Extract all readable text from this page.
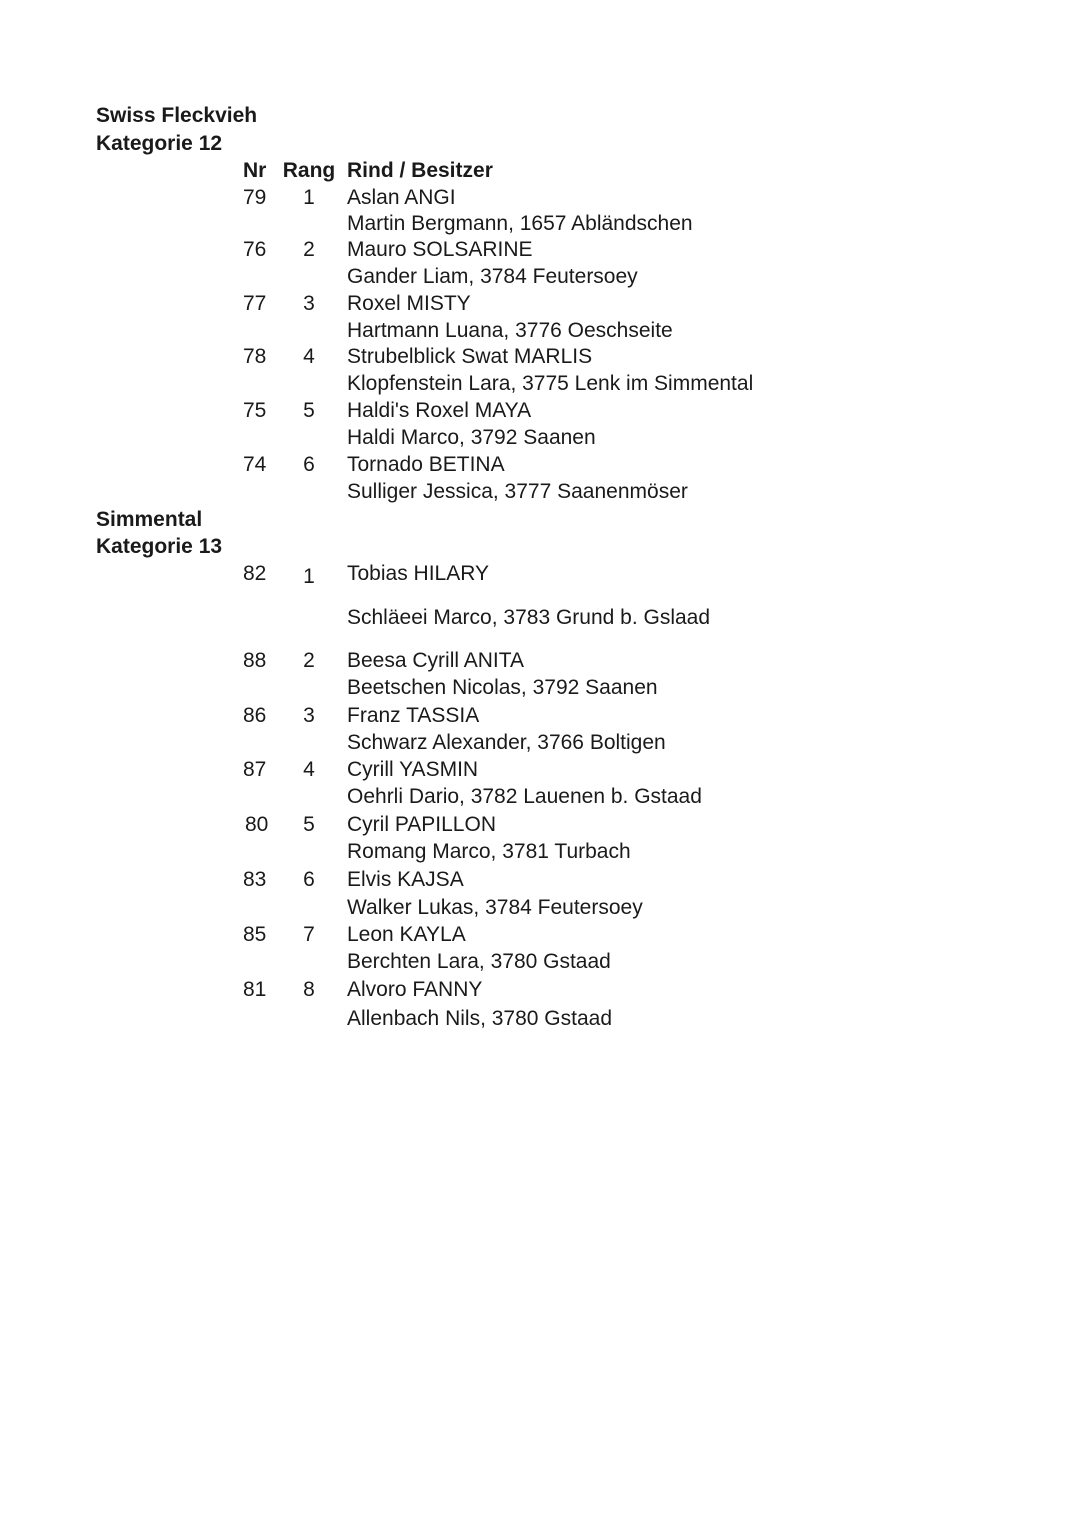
Swiss Fleckvieh
Kategorie 12
Nr Rang Rind / Besitzer
79	1	Aslan ANGI
Martin Bergmann, 1657 Abländschen
76	2	Mauro SOLSARINE
Gander Liam, 3784 Feutersoey
77	3	Roxel MISTY
Hartmann Luana, 3776 Oeschseite
78	4	Strubelblick Swat MARLIS
Klopfenstein Lara, 3775 Lenk im Simmental
75	5	Haldi's Roxel MAYA
Haldi Marco, 3792 Saanen
74	6	Tornado BETINA
Sulliger Jessica, 3777 Saanenmöser
Simmental
Kategorie 13
82	1	Tobias HILARY
Schläeei Marco, 3783 Grund b. Gslaad
88	2	Beesa Cyrill ANITA
Beetschen Nicolas, 3792 Saanen
86	3	Franz TASSIA
Schwarz Alexander, 3766 Boltigen
87	4	Cyrill YASMIN
Oehrli Dario, 3782 Lauenen b. Gstaad
80	5	Cyril PAPILLON
Romang Marco, 3781 Turbach
83	6	Elvis KAJSA
Walker Lukas, 3784 Feutersoey
85	7	Leon KAYLA
Berchten Lara, 3780 Gstaad
81	8	Alvoro FANNY
Allenbach Nils, 3780 Gstaad
